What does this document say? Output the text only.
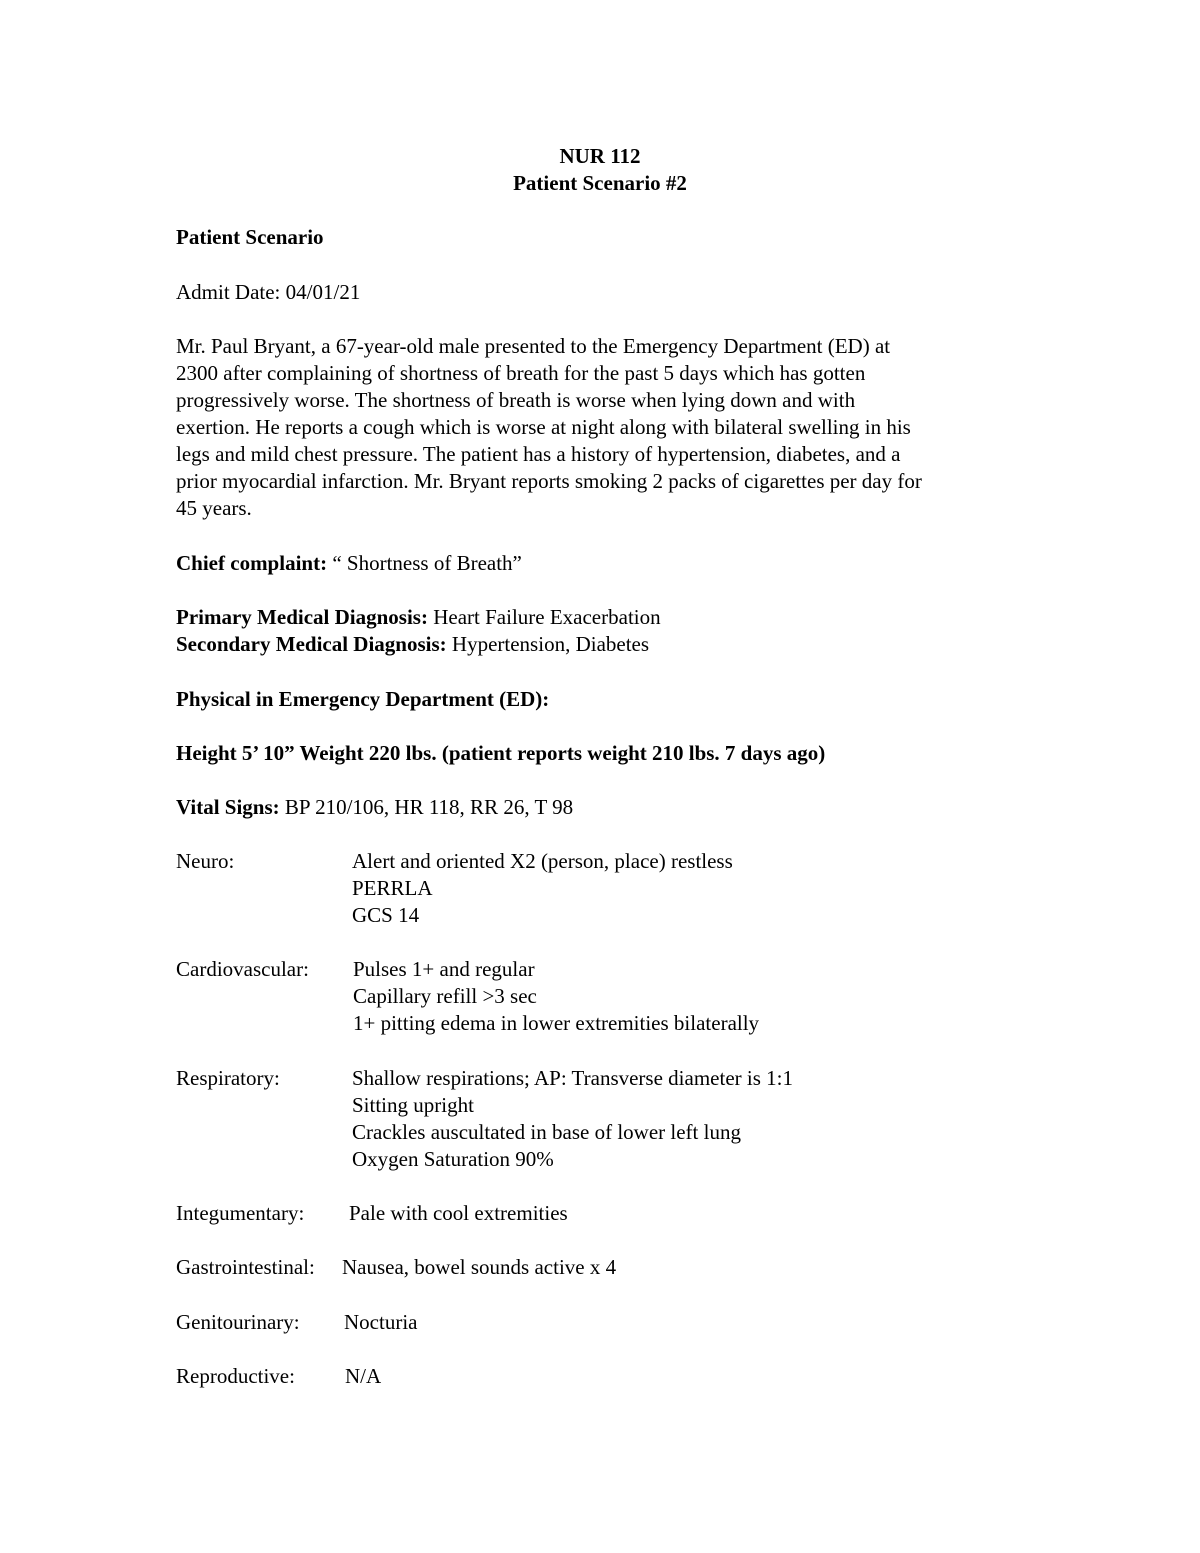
NUR 112
Patient Scenario #2
Patient Scenario
Admit Date: 04/01/21
Mr. Paul Bryant, a 67-year-old male presented to the Emergency Department (ED) at
2300 after complaining of shortness of breath for the past 5 days which has gotten
progressively worse. The shortness of breath is worse when lying down and with
exertion. He reports a cough which is worse at night along with bilateral swelling in his
legs and mild chest pressure. The patient has a history of hypertension, diabetes, and a
prior myocardial infarction. Mr. Bryant reports smoking 2 packs of cigarettes per day for
45 years.
Chief complaint: “ Shortness of Breath”
Primary Medical Diagnosis: Heart Failure Exacerbation
Secondary Medical Diagnosis: Hypertension, Diabetes
Physical in Emergency Department (ED):
Height 5’ 10” Weight 220 lbs. (patient reports weight 210 lbs. 7 days ago)
Vital Signs: BP 210/106, HR 118, RR 26, T 98
Neuro:	Alert and oriented X2 (person, place) restless
PERRLA
GCS 14
Cardiovascular: Pulses 1+ and regular
Capillary refill >3 sec
1+ pitting edema in lower extremities bilaterally
Respiratory:	Shallow respirations; AP: Transverse diameter is 1:1
Sitting upright
Crackles auscultated in base of lower left lung
Oxygen Saturation 90%
Integumentary: Pale with cool extremities
Gastrointestinal: Nausea, bowel sounds active x 4
Genitourinary: Nocturia
Reproductive: N/A
